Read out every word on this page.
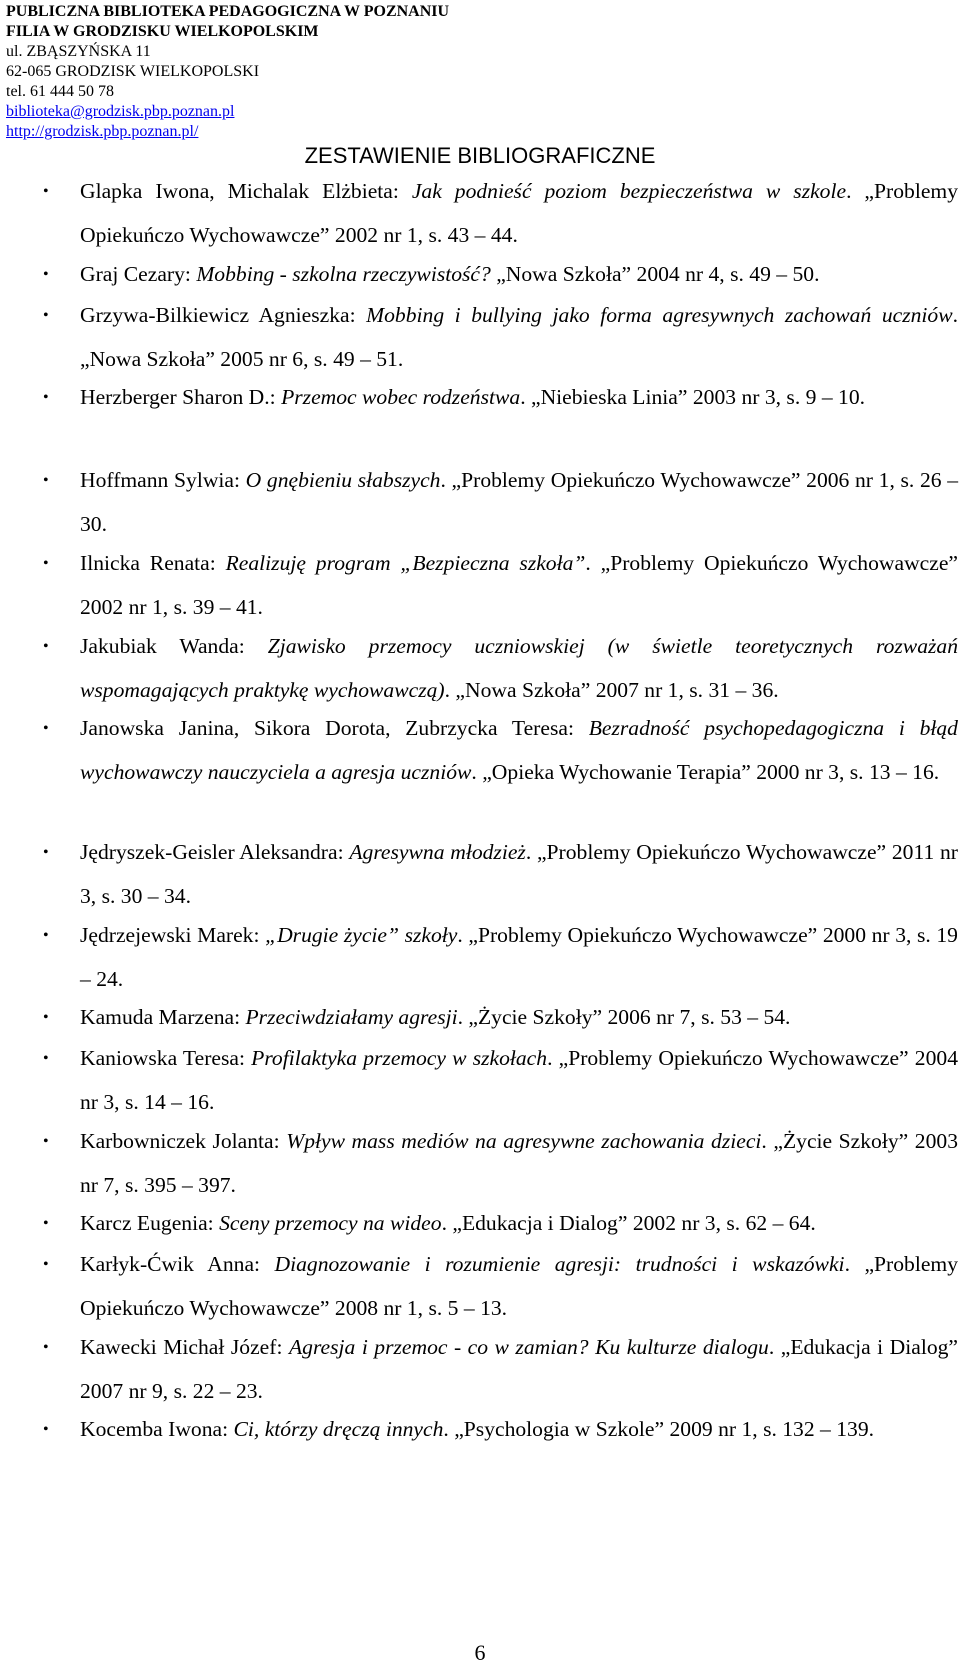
PUBLICZNA BIBLIOTEKA PEDAGOGICZNA W POZNANIU
FILIA W GRODZISKU WIELKOPOLSKIM
ul. ZBĄSZYŃSKA 11
62-065 GRODZISK WIELKOPOLSKI
tel. 61 444 50 78
biblioteka@grodzisk.pbp.poznan.pl
http://grodzisk.pbp.poznan.pl/
ZESTAWIENIE BIBLIOGRAFICZNE
• Glapka Iwona, Michalak Elżbieta: Jak podnieść poziom bezpieczeństwa w szkole. „Problemy Opiekuńczo Wychowawcze” 2002 nr 1, s. 43 – 44.
• Graj Cezary: Mobbing - szkolna rzeczywistość? „Nowa Szkoła” 2004 nr 4, s. 49 – 50.
• Grzywa-Bilkiewicz Agnieszka: Mobbing i bullying jako forma agresywnych zachowań uczniów. „Nowa Szkoła” 2005 nr 6, s. 49 – 51.
• Herzberger Sharon D.: Przemoc wobec rodzeństwa. „Niebieska Linia” 2003 nr 3, s. 9 – 10.
• Hoffmann Sylwia: O gnębieniu słabszych. „Problemy Opiekuńczo Wychowawcze” 2006 nr 1, s. 26 – 30.
• Ilnicka Renata: Realizuję program „Bezpieczna szkoła”. „Problemy Opiekuńczo Wychowawcze” 2002 nr 1, s. 39 – 41.
• Jakubiak Wanda: Zjawisko przemocy uczniowskiej (w świetle teoretycznych rozważań wspomagających praktykę wychowawczą). „Nowa Szkoła” 2007 nr 1, s. 31 – 36.
• Janowska Janina, Sikora Dorota, Zubrzycka Teresa: Bezradność psychopedagogiczna i błąd wychowawczy nauczyciela a agresja uczniów. „Opieka Wychowanie Terapia” 2000 nr 3, s. 13 – 16.
• Jędryszek-Geisler Aleksandra: Agresywna młodzież. „Problemy Opiekuńczo Wychowawcze” 2011 nr 3, s. 30 – 34.
• Jędrzejewski Marek: „Drugie życie” szkoły. „Problemy Opiekuńczo Wychowawcze” 2000 nr 3, s. 19 – 24.
• Kamuda Marzena: Przeciwdziałamy agresji. „Życie Szkoły” 2006 nr 7, s. 53 – 54.
• Kaniowska Teresa: Profilaktyka przemocy w szkołach. „Problemy Opiekuńczo Wychowawcze” 2004 nr 3, s. 14 – 16.
• Karbowniczek Jolanta: Wpływ mass mediów na agresywne zachowania dzieci. „Życie Szkoły” 2003 nr 7, s. 395 – 397.
• Karcz Eugenia: Sceny przemocy na wideo. „Edukacja i Dialog” 2002 nr 3, s. 62 – 64.
• Karłyk-Ćwik Anna: Diagnozowanie i rozumienie agresji: trudności i wskazówki. „Problemy Opiekuńczo Wychowawcze” 2008 nr 1, s. 5 – 13.
• Kawecki Michał Józef: Agresja i przemoc - co w zamian? Ku kulturze dialogu. „Edukacja i Dialog” 2007 nr 9, s. 22 – 23.
• Kocemba Iwona: Ci, którzy dręczą innych. „Psychologia w Szkole” 2009 nr 1, s. 132 – 139.
6
